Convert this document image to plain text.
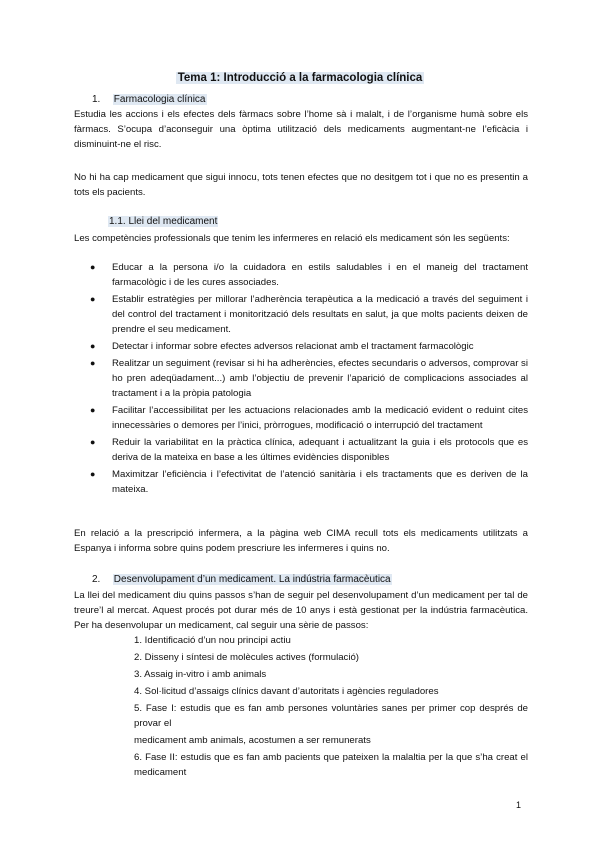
Tema 1: Introducció a la farmacologia clínica
1. Farmacologia clínica
Estudia les accions i els efectes dels fàrmacs sobre l’home sà i malalt, i de l’organisme humà sobre els fàrmacs. S’ocupa d’aconseguir una òptima utilització dels medicaments augmentant-ne l’eficàcia i disminuint-ne el risc.
No hi ha cap medicament que sigui innocu, tots tenen efectes que no desitgem tot i que no es presentin a tots els pacients.
1.1. Llei del medicament
Les competències professionals que tenim les infermeres en relació els medicament són les següents:
● Educar a la persona i/o la cuidadora en estils saludables i en el maneig del tractament farmacològic i de les cures associades.
● Establir estratègies per millorar l’adherència terapèutica a la medicació a través del seguiment i del control del tractament i monitorització dels resultats en salut, ja que molts pacients deixen de prendre el seu medicament.
● Detectar i informar sobre efectes adversos relacionat amb el tractament farmacològic
● Realitzar un seguiment (revisar si hi ha adherències, efectes secundaris o adversos, comprovar si ho pren adeqüadament...) amb l’objectiu de prevenir l’aparició de complicacions associades al tractament i a la pròpia patologia
● Facilitar l’accessibilitat per les actuacions relacionades amb la medicació evident o reduint cites innecessàries o demores per l’inici, pròrrogues, modificació o interrupció del tractament
● Reduir la variabilitat en la pràctica clínica, adequant i actualitzant la guia i els protocols que es deriva de la mateixa en base a les últimes evidències disponibles
● Maximitzar l’eficiència i l’efectivitat de l’atenció sanitària i els tractaments que es deriven de la mateixa.
En relació a la prescripció infermera, a la pàgina web CIMA recull tots els medicaments utilitzats a Espanya i informa sobre quins podem prescriure les infermeres i quins no.
2. Desenvolupament d’un medicament. La indústria farmacèutica
La llei del medicament diu quins passos s’han de seguir pel desenvolupament d’un medicament per tal de treure’l al mercat. Aquest procés pot durar més de 10 anys i està gestionat per la indústria farmacèutica. Per ha desenvolupar un medicament, cal seguir una sèrie de passos:
1. Identificació d’un nou principi actiu
2. Disseny i síntesi de molècules actives (formulació)
3. Assaig in-vitro i amb animals
4. Sol·licitud d’assaigs clínics davant d’autoritats i agències reguladores
5. Fase I: estudis que es fan amb persones voluntàries sanes per primer cop després de provar el
medicament amb animals, acostumen a ser remunerats
6. Fase II: estudis que es fan amb pacients que pateixen la malaltia per la que s’ha creat el medicament
1
